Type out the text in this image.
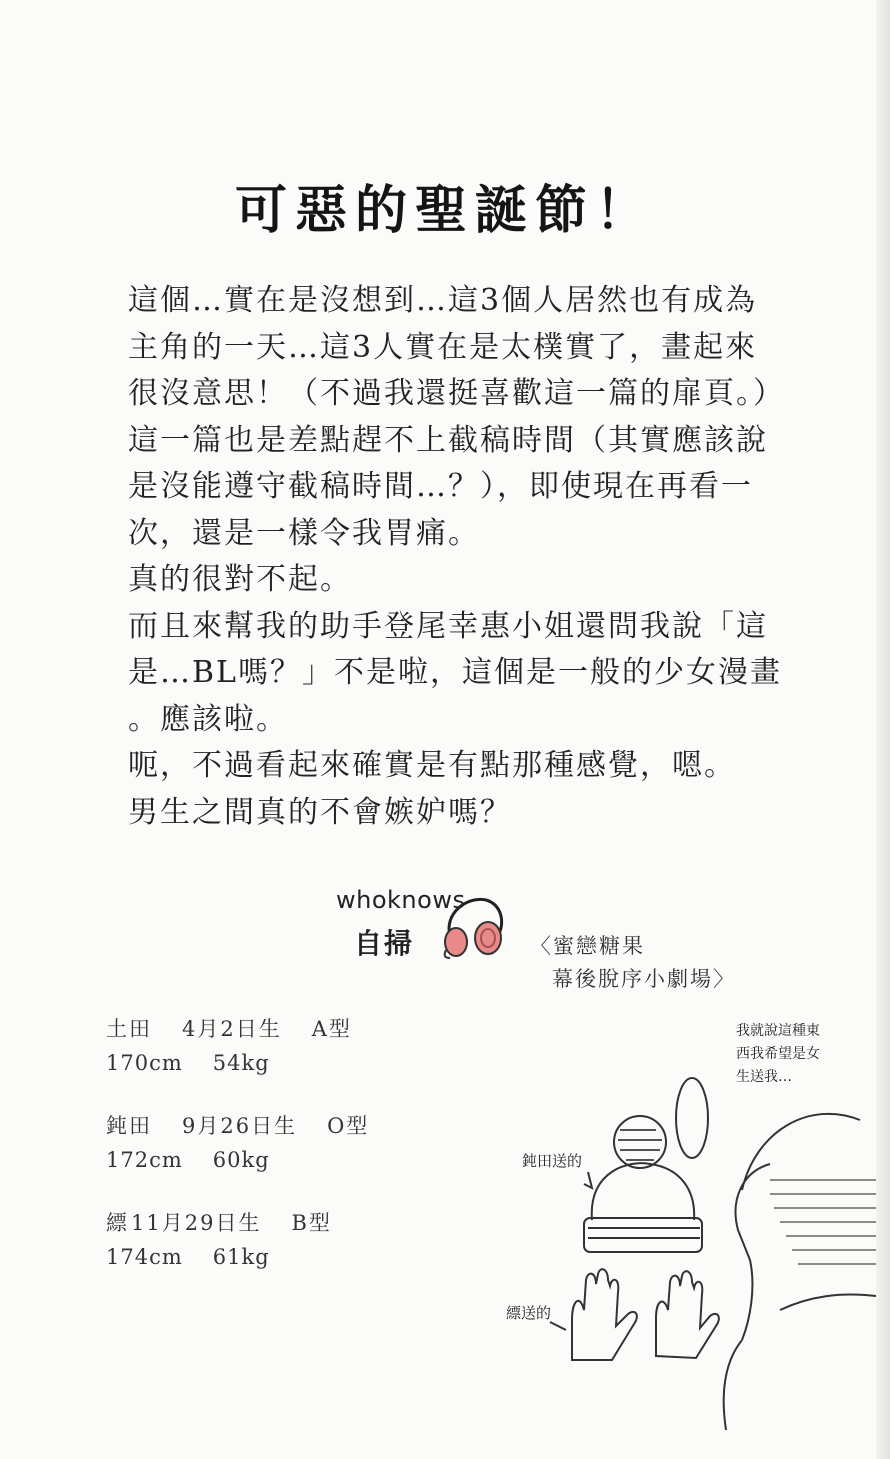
可惡的聖誕節！
這個…實在是沒想到…這3個人居然也有成為
主角的一天…這3人實在是太樸實了，畫起來
很沒意思！（不過我還挺喜歡這一篇的扉頁。）
這一篇也是差點趕不上截稿時間（其實應該說
是沒能遵守截稿時間…？），即使現在再看一
次，還是一樣令我胃痛。
真的很對不起。
而且來幫我的助手登尾幸惠小姐還問我說「這
是…BL嗎？」不是啦，這個是一般的少女漫畫
。應該啦。
呃，不過看起來確實是有點那種感覺，嗯。
男生之間真的不會嫉妒嗎？
whoknows
自掃	〈蜜戀糖果
幕後脫序小劇場〉
土田 4月2日生 A型
170cm 54kg
鈍田 9月26日生 O型
172cm 60kg
縹11月29日生 B型
174cm 61kg
我就說這種東
西我希望是女
生送我…
鈍田送的
縹送的
